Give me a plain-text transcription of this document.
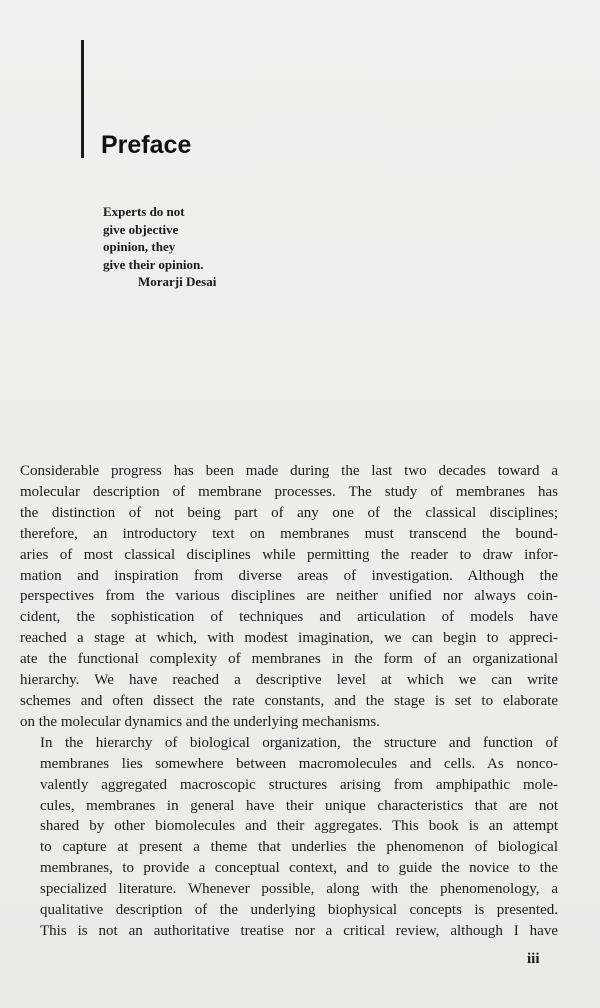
Preface
Experts do not
give objective
opinion, they
give their opinion.
Morarji Desai

Considerable progress has been made during the last two decades toward a
molecular description of membrane processes. The study of membranes has
the distinction of not being part of any one of the classical disciplines;
therefore, an introductory text on membranes must transcend the bound-
aries of most classical disciplines while permitting the reader to draw infor-
mation and inspiration from diverse areas of investigation. Although the
perspectives from the various disciplines are neither unified nor always coin-
cident, the sophistication of techniques and articulation of models have
reached a stage at which, with modest imagination, we can begin to appreci-
ate the functional complexity of membranes in the form of an organizational
hierarchy. We have reached a descriptive level at which we can write
schemes and often dissect the rate constants, and the stage is set to elaborate
on the molecular dynamics and the underlying mechanisms.

In the hierarchy of biological organization, the structure and function of
membranes lies somewhere between macromolecules and cells. As nonco-
valently aggregated macroscopic structures arising from amphipathic mole-
cules, membranes in general have their unique characteristics that are not
shared by other biomolecules and their aggregates. This book is an attempt
to capture at present a theme that underlies the phenomenon of biological
membranes, to provide a conceptual context, and to guide the novice to the
specialized literature. Whenever possible, along with the phenomenology, a
qualitative description of the underlying biophysical concepts is presented.
This is not an authoritative treatise nor a critical review, although I have

iii
